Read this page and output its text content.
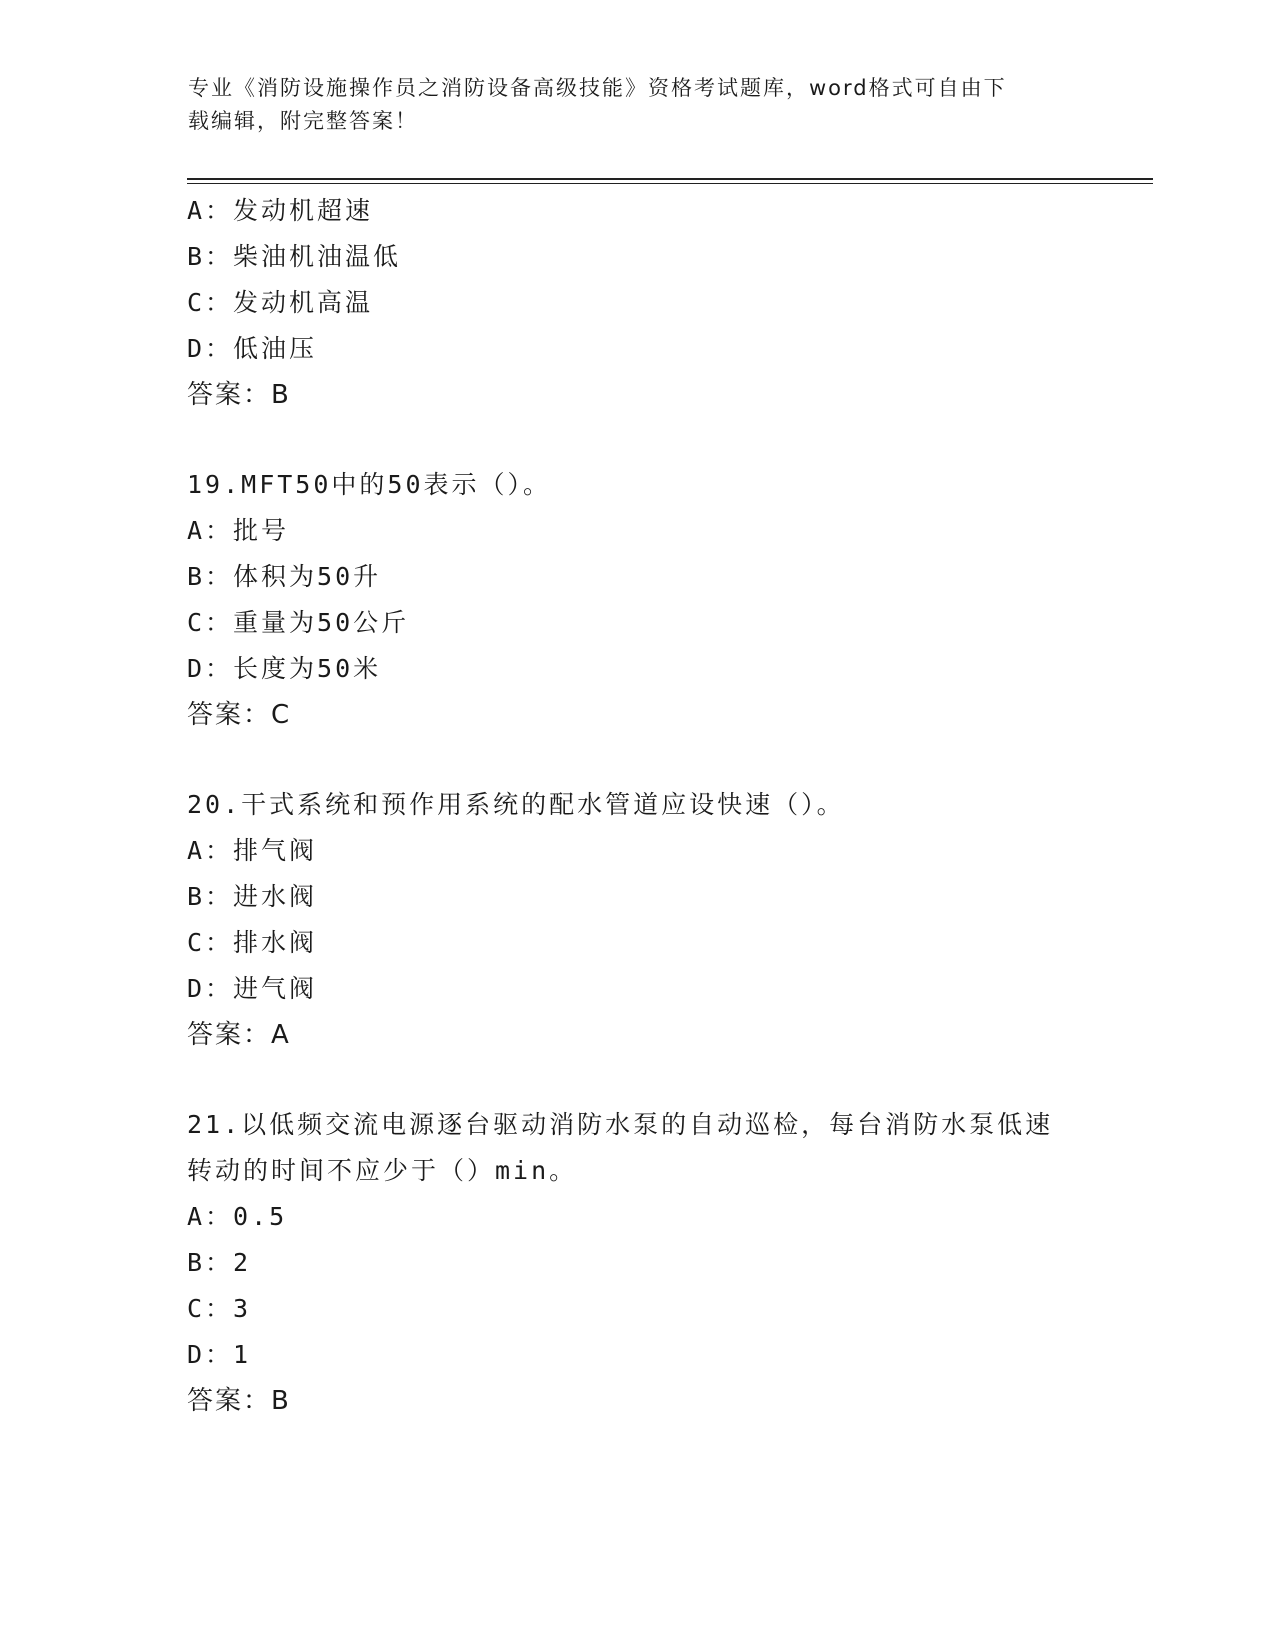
专业《消防设施操作员之消防设备高级技能》资格考试题库，word格式可自由下
载编辑，附完整答案！
A：发动机超速
B：柴油机油温低
C：发动机高温
D：低油压
答案：B
19.MFT50中的50表示（）。
A：批号
B：体积为50升
C：重量为50公斤
D：长度为50米
答案：C
20.干式系统和预作用系统的配水管道应设快速（）。
A：排气阀
B：进水阀
C：排水阀
D：进气阀
答案：A
21.以低频交流电源逐台驱动消防水泵的自动巡检，每台消防水泵低速
转动的时间不应少于（）min。
A：0.5
B：2
C：3
D：1
答案：B
